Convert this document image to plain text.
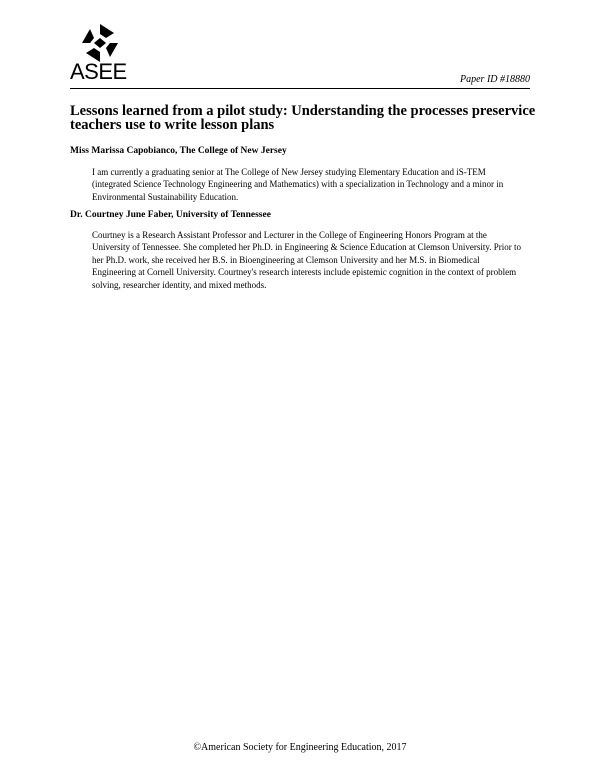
ASEE	Paper ID #18880
Lessons learned from a pilot study: Understanding the processes preservice teachers use to write lesson plans

Miss Marissa Capobianco, The College of New Jersey

I am currently a graduating senior at The College of New Jersey studying Elementary Education and iS-TEM (integrated Science Technology Engineering and Mathematics) with a specialization in Technology and a minor in Environmental Sustainability Education.

Dr. Courtney June Faber, University of Tennessee

Courtney is a Research Assistant Professor and Lecturer in the College of Engineering Honors Program at the University of Tennessee. She completed her Ph.D. in Engineering & Science Education at Clemson University. Prior to her Ph.D. work, she received her B.S. in Bioengineering at Clemson University and her M.S. in Biomedical Engineering at Cornell University. Courtney's research interests include epistemic cognition in the context of problem solving, researcher identity, and mixed methods.

©American Society for Engineering Education, 2017
